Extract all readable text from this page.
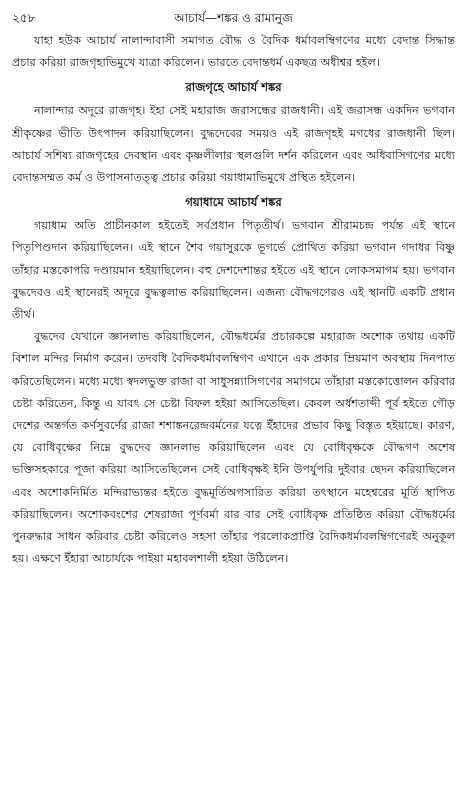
২৫৮	আচার্য—শঙ্কর ও রামানুজ

যাহা হউক আচার্য নালান্দাবাসী সমাগত বৌদ্ধ ও বৈদিক ধর্মাবলম্বিগণের মধ্যে বেদান্ত সিদ্ধান্ত প্রচার করিয়া রাজগৃহাভিমুখে যাত্রা করিলেন। ভারতে বেদান্তধর্ম একছত্র অধীশ্বর হইল।

রাজগৃহে আচার্য শঙ্কর

নালান্দার অদূরে রাজগৃহ। ইহা সেই মহারাজ জরাসন্ধের রাজধানী। এই জরাসন্ধ একদিন ভগবান শ্রীকৃষ্ণের ভীতি উৎপাদন করিয়াছিলেন। বুদ্ধদেবের সময়ও এই রাজগৃহই মগধের রাজধানী ছিল। আচার্য সশিষ্য রাজগৃহের দেবস্থান এবং কৃষ্ণলীলার স্থলগুলি দর্শন করিলেন এবং অধিবাসিগণের মধ্যে বেদান্তসম্মত কর্ম ও উপাসনাতত্ত্ব প্রচার করিয়া গয়াধামাভিমুখে প্রস্থিত হইলেন।

গয়াধামে আচার্য শঙ্কর

গয়াধাম অতি প্রাচীনকাল হইতেই সর্বপ্রধান পিতৃতীর্থ। ভগবান শ্রীরামচন্দ্র পর্যন্ত এই স্থানে পিতৃপিণ্ডদান করিয়াছিলেন। এই স্থানে শৈব গয়াসুরকে ভূগর্ভে প্রোথিত করিয়া ভগবান গদাধর বিষ্ণু তাঁহার মস্তকোপরি দণ্ডায়মান হইয়াছিলেন। বহু দেশদেশান্তর হইতে এই স্থানে লোকসমাগম হয়। ভগবান বুদ্ধদেবও এই স্থানেরই অদূরে বুদ্ধত্বলাভ করিয়াছিলেন। এজন্য বৌদ্ধগণেরও এই স্থানটি একটি প্রধান তীর্থ।

বুদ্ধদেব যেখানে জ্ঞানলাভ করিয়াছিলেন, বৌদ্ধধর্মের প্রচারকল্পে মহারাজ অশোক তথায় একটি বিশাল মন্দির নির্মাণ করেন। তদবধি বৈদিকধর্মাবলম্বিগণ এখানে এক প্রকার ম্রিয়মাণ অবস্থায় দিনপাত করিতেছিলেন। মধ্যে মধ্যে স্বদলভুক্ত রাজা বা সাধুসন্ন্যাসিগণের সমাগমে তাঁহারা মস্তকোত্তোলন করিবার চেষ্টা করিতেন, কিন্তু এ যাবৎ সে চেষ্টা বিফল হইয়া আসিতেছিল। কেবল অর্ধশতাব্দী পূর্ব হইতে গৌড় দেশের অন্তর্গত কর্ণসুবর্ণের রাজা শশাঙ্কনরেন্দ্রবর্মনের যত্নে ইঁহাদের প্রভাব কিছু বিস্তৃত হইয়াছে। কারণ, যে বোধিবৃক্ষের নিম্নে বুদ্ধদেব জ্ঞানলাভ করিয়াছিলেন এবং যে বোধিবৃক্ষকে বৌদ্ধগণ অশেষ ভক্তিসহকারে পূজা করিয়া আসিতেছিলেন সেই বোধিবৃক্ষই ইনি উপর্যুপরি দুইবার ছেদন করিয়াছিলেন এবং অশোকনির্মিত মন্দিরাভ্যন্তর হইতে বুদ্ধমূর্তিঅপসারিত করিয়া তৎস্থানে মহেশ্বরের মূর্তি স্থাপিত করিয়াছিলেন। অশোকবংশের শেষরাজা পূর্ণবর্মা বার বার সেই বোধিবৃক্ষ প্রতিষ্ঠিত করিয়া বৌদ্ধধর্মের পুনরুদ্ধার সাধন করিবার চেষ্টা করিলেও সহসা তাঁহার পরলোকপ্রাপ্তি বৈদিকধর্মাবলম্বিগণেরই অনুকূল হয়। এক্ষণে ইঁহারা আচার্যকে পাইয়া মহাবলশালী হইয়া উঠিলেন।
